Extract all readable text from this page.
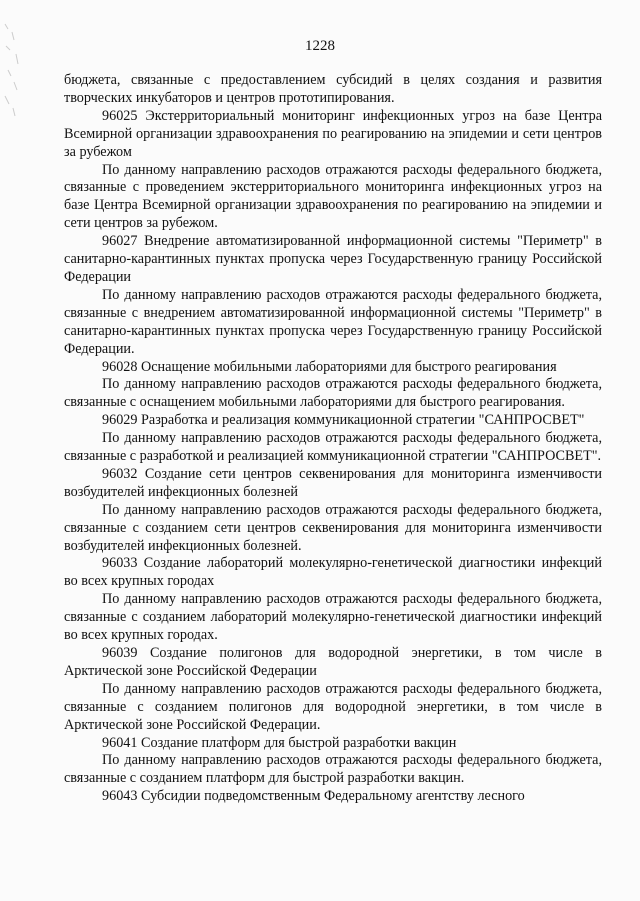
1228

бюджета, связанные с предоставлением субсидий в целях создания и развития творческих инкубаторов и центров прототипирования.

96025 Экстерриториальный мониторинг инфекционных угроз на базе Центра Всемирной организации здравоохранения по реагированию на эпидемии и сети центров за рубежом

По данному направлению расходов отражаются расходы федерального бюджета, связанные с проведением экстерриториального мониторинга инфекционных угроз на базе Центра Всемирной организации здравоохранения по реагированию на эпидемии и сети центров за рубежом.

96027 Внедрение автоматизированной информационной системы "Периметр" в санитарно-карантинных пунктах пропуска через Государственную границу Российской Федерации

По данному направлению расходов отражаются расходы федерального бюджета, связанные с внедрением автоматизированной информационной системы "Периметр" в санитарно-карантинных пунктах пропуска через Государственную границу Российской Федерации.

96028 Оснащение мобильными лабораториями для быстрого реагирования

По данному направлению расходов отражаются расходы федерального бюджета, связанные с оснащением мобильными лабораториями для быстрого реагирования.

96029 Разработка и реализация коммуникационной стратегии "САНПРОСВЕТ"

По данному направлению расходов отражаются расходы федерального бюджета, связанные с разработкой и реализацией коммуникационной стратегии "САНПРОСВЕТ".

96032 Создание сети центров секвенирования для мониторинга изменчивости возбудителей инфекционных болезней

По данному направлению расходов отражаются расходы федерального бюджета, связанные с созданием сети центров секвенирования для мониторинга изменчивости возбудителей инфекционных болезней.

96033 Создание лабораторий молекулярно-генетической диагностики инфекций во всех крупных городах

По данному направлению расходов отражаются расходы федерального бюджета, связанные с созданием лабораторий молекулярно-генетической диагностики инфекций во всех крупных городах.

96039 Создание полигонов для водородной энергетики, в том числе в Арктической зоне Российской Федерации

По данному направлению расходов отражаются расходы федерального бюджета, связанные с созданием полигонов для водородной энергетики, в том числе в Арктической зоне Российской Федерации.

96041 Создание платформ для быстрой разработки вакцин

По данному направлению расходов отражаются расходы федерального бюджета, связанные с созданием платформ для быстрой разработки вакцин.

96043 Субсидии подведомственным Федеральному агентству лесного
